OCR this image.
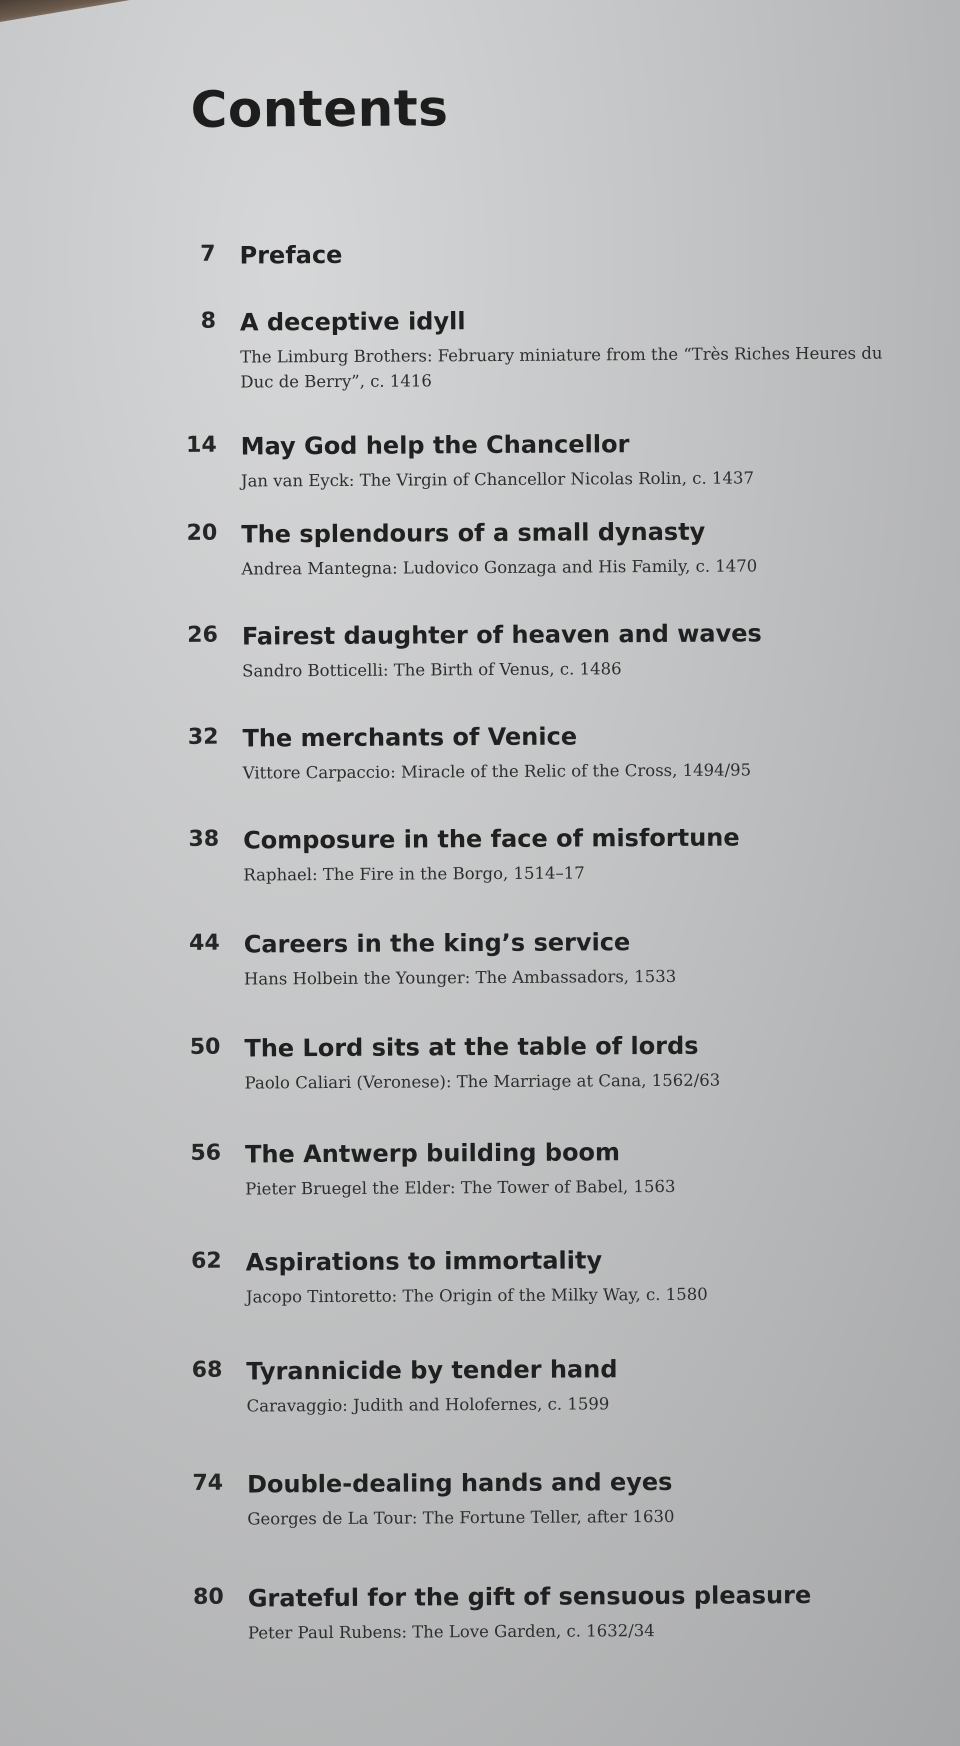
Contents
7 Preface
8 A deceptive idyll
The Limburg Brothers: February miniature from the “Très Riches Heures du Duc de Berry”, c. 1416
14 May God help the Chancellor
Jan van Eyck: The Virgin of Chancellor Nicolas Rolin, c. 1437
20 The splendours of a small dynasty
Andrea Mantegna: Ludovico Gonzaga and His Family, c. 1470
26 Fairest daughter of heaven and waves
Sandro Botticelli: The Birth of Venus, c. 1486
32 The merchants of Venice
Vittore Carpaccio: Miracle of the Relic of the Cross, 1494/95
38 Composure in the face of misfortune
Raphael: The Fire in the Borgo, 1514–17
44 Careers in the king’s service
Hans Holbein the Younger: The Ambassadors, 1533
50 The Lord sits at the table of lords
Paolo Caliari (Veronese): The Marriage at Cana, 1562/63
56 The Antwerp building boom
Pieter Bruegel the Elder: The Tower of Babel, 1563
62 Aspirations to immortality
Jacopo Tintoretto: The Origin of the Milky Way, c. 1580
68 Tyrannicide by tender hand
Caravaggio: Judith and Holofernes, c. 1599
74 Double-dealing hands and eyes
Georges de La Tour: The Fortune Teller, after 1630
80 Grateful for the gift of sensuous pleasure
Peter Paul Rubens: The Love Garden, c. 1632/34
